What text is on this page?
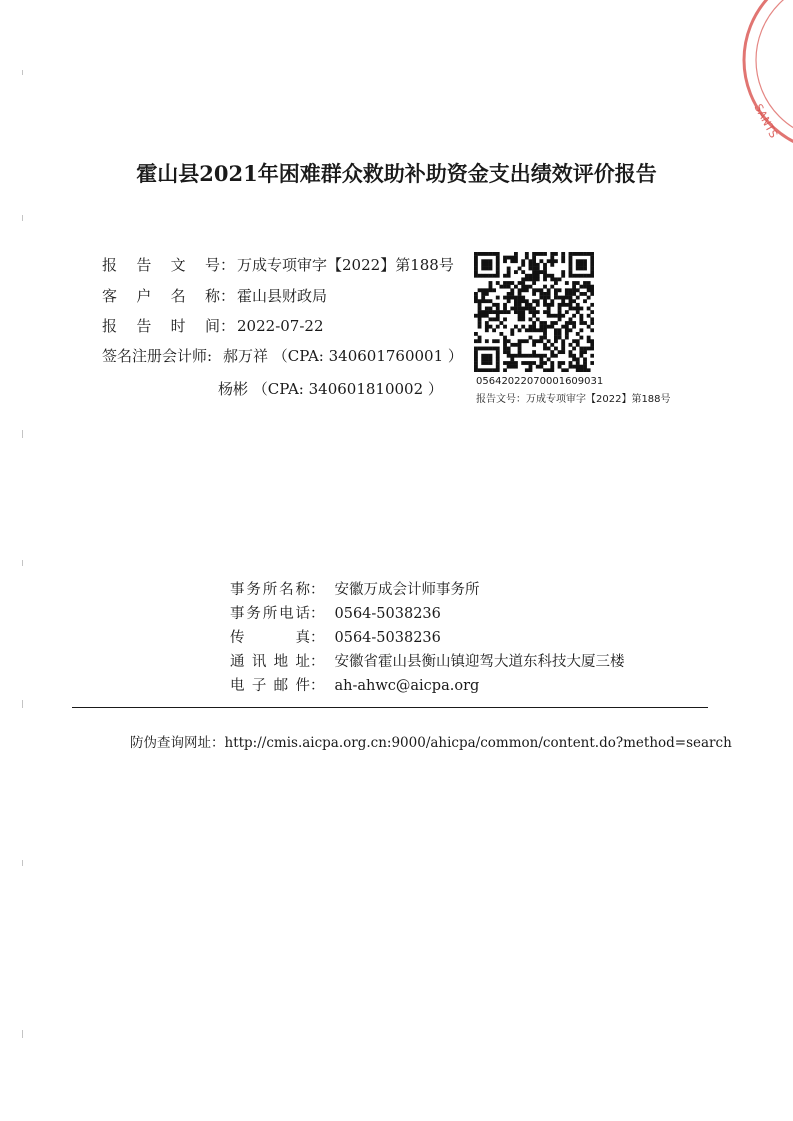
SANTS
霍山县2021年困难群众救助补助资金支出绩效评价报告
报告文号： 万成专项审字【2022】第188号
客户名称： 霍山县财政局
报告时间： 2022-07-22
签名注册会计师: 郝万祥 （CPA: 340601760001 ）
杨彬 （CPA: 340601810002 ）	0564202207000160903​1
报告文号：万成专项审字【2022】第188号
事务所名称： 安徽万成会计师事务所
事务所电话： 0564-5038236
传真： 0564-5038236
通讯地址： 安徽省霍山县衡山镇迎驾大道东科技大厦三楼
电子邮件： ah-ahwc@aicpa.org
防伪查询网址：http://cmis.aicpa.org.cn:9000/ahicpa/common/content.do?method=search
